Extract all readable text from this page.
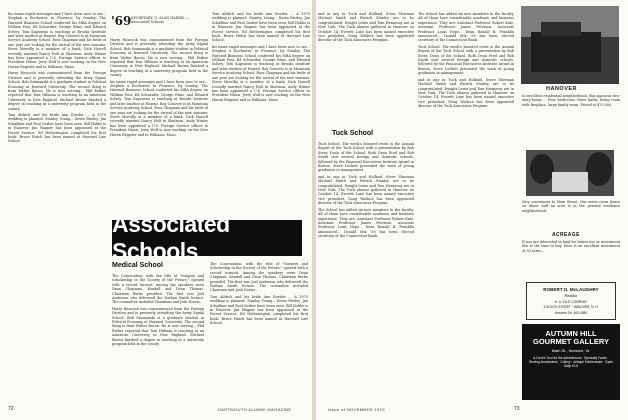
his name raged messages and I have been sure to see... Stephen a Rochester, in Florence, by Sunday. The Harvard Business School conferred his MBA degree on William Fusi, Ed Schneider, George Ritas, and Edward Solvey. Tom Kapoutsis is teaching at Brooks Institute and later another at Hawaii. Ray Conover is at Mountain Service Academy School. Ross Chapman and his bride of one year are looking for the arrival of the new summer. Steve Mervilly is a member of a bank. Dick Howell recently married Nancy Holt in Shatmon. Andy Winter has been appointed a U.S. Foreign Service officer to President Nixon. Jerry Wolf is now working on the New Haven Register and in Williams, Mass.

Harry Hancock was commissioned from the Foreign Division and is presently attending the Army Signal School. Bob Szumanski is a graduate student in Political Economy at Harvard University. The second thing is from Walter Bacon. He is now serving... Phil Parker reported that Tom Hillman is teaching at an American University in New England. Michael Brown finished a degree in teaching at a university program held in the county.

Tom Aldrich and his bride Ann Roeder ... A 1970 wedding is planned. Stanley Young... Kevin Fairley, Jim Schaffner and Paul Gerber have been seen. Bill Hobbs is in Hanover. Jim Wagner has been appointed at the Forest Service. Ed Hetherington completed his first book. Bruce Hatch has been named at Harvard Law School.

'69 SECRETARY, G. ALAN HARRIS — Associated Schools

Harry Hancock was commissioned from the Foreign Division and is presently attending the Army Signal School. Bob Szumanski is a graduate student in Political Economy at Harvard University. The second thing is from Walter Bacon. He is now serving... Phil Parker reported that Tom Hillman is teaching at an American University in New England. Michael Brown finished a degree in teaching at a university program held in the county.

his name raged messages and I have been sure to see... Stephen a Rochester, in Florence, by Sunday. The Harvard Business School conferred his MBA degree on William Fusi, Ed Schneider, George Ritas, and Edward Solvey. Tom Kapoutsis is teaching at Brooks Institute and later another at Hawaii. Ray Conover is at Mountain Service Academy School. Ross Chapman and his bride of one year are looking for the arrival of the new summer. Steve Mervilly is a member of a bank. Dick Howell recently married Nancy Holt in Shatmon. Andy Winter has been appointed a U.S. Foreign Service officer to President Nixon. Jerry Wolf is now working on the New Haven Register and in Williams, Mass.

Tom Aldrich and his bride Ann Roeder ... A 1970 wedding is planned. Stanley Young... Kevin Fairley, Jim Schaffner and Paul Gerber have been seen. Bill Hobbs is in Hanover. Jim Wagner has been appointed at the Forest Service. Ed Hetherington completed his first book. Bruce Hatch has been named at Harvard Law School.

his name raged messages and I have been sure to see... Stephen a Rochester, in Florence, by Sunday. The Harvard Business School conferred his MBA degree on William Fusi, Ed Schneider, George Ritas, and Edward Solvey. Tom Kapoutsis is teaching at Brooks Institute and later another at Hawaii. Ray Conover is at Mountain Service Academy School. Ross Chapman and his bride of one year are looking for the arrival of the new summer. Steve Mervilly is a member of a bank. Dick Howell recently married Nancy Holt in Shatmon. Andy Winter has been appointed a U.S. Foreign Service officer to President Nixon. Jerry Wolf is now working on the New Haven Register and in Williams, Mass.

Associated Schools
Medical School

The Convocation, with the title of "Surgery and Scholarship in the Society of the Future," opened with a record turnout. Among the speakers were Dean Chapman, Kendall and Dean Thomas. Chairman Burke presided. The first was Joel Anderson who delivered the Nathan Smith lecture. The committee included Chairman and Josh Norris...

Harry Hancock was commissioned from the Foreign Division and is presently attending the Army Signal School. Bob Szumanski is a graduate student in Political Economy at Harvard University. The second thing is from Walter Bacon. He is now serving... Phil Parker reported that Tom Hillman is teaching at an American University in New England. Michael Brown finished a degree in teaching at a university program held in the county.

The Convocation, with the title of "Surgery and Scholarship in the Society of the Future," opened with a record turnout. Among the speakers were Dean Chapman, Kendall and Dean Thomas. Chairman Burke presided. The first was Joel Anderson who delivered the Nathan Smith lecture. The committee included Chairman and Josh Norris...

Tom Aldrich and his bride Ann Roeder ... A 1970 wedding is planned. Stanley Young... Kevin Fairley, Jim Schaffner and Paul Gerber have been seen. Bill Hobbs is in Hanover. Jim Wagner has been appointed at the Forest Service. Ed Hetherington completed his first book. Bruce Hatch has been named at Harvard Law School.

72	DARTMOUTH ALUMNI MAGAZINE

and in any in Tuck and Holland, Steve Sherman Michael Smith and Patrick Stanley are to be congratulated. Dwight Lewis and Tom Hennessy are in New York. The Tuck alumni gathered in Hanover on October 14. Everett Lane has been named executive vice president. Doug Wallace has been appointed director of the Tuck Associates Program.

Tuck School

Tuck School. The week's honored event is the Annual Report of the Tuck School with a presentation by Bob Steer, Dean of the School. Both Dean Fred and Bob Smith visit several foreign and domestic schools, followed by the Financial Executives Institute Award in Boston. Steve Lockett presented the work of young graduates in management.

and in any in Tuck and Holland, Steve Sherman Michael Smith and Patrick Stanley are to be congratulated. Dwight Lewis and Tom Hennessy are in New York. The Tuck alumni gathered in Hanover on October 14. Everett Lane has been named executive vice president. Doug Wallace has been appointed director of the Tuck Associates Program.

The School has added six new members to the faculty. All of them have considerable academic and business experience. They are: Assistant Professor Robert Katz, Assistant Professor James Peterson, Associate Professor Louis Hope... Dean Ronald B. Franklin announced... Donald Mix '58 has been elected secretary of the Connecticut Bank.

The School has added six new members to the faculty. All of them have considerable academic and business experience. They are: Assistant Professor Robert Katz, Assistant Professor James Peterson, Associate Professor Louis Hope... Dean Ronald B. Franklin announced... Donald Mix '58 has been elected secretary of the Connecticut Bank.

Tuck School. The week's honored event is the Annual Report of the Tuck School with a presentation by Bob Steer, Dean of the School. Both Dean Fred and Bob Smith visit several foreign and domestic schools, followed by the Financial Executives Institute Award in Boston. Steve Lockett presented the work of young graduates in management.

and in any in Tuck and Holland, Steve Sherman Michael Smith and Patrick Stanley are to be congratulated. Dwight Lewis and Tom Hennessy are in New York. The Tuck alumni gathered in Hanover on October 14. Everett Lane has been named executive vice president. Doug Wallace has been appointed director of the Tuck Associates Program.

Issue of NOVEMBER 1970	73
HANOVER

In excellent residential neighborhood, this spacious two-story home ... Four bedrooms, three baths, living room with fireplace, large family room. Priced at $79,500.

Very convenient to Main Street, this seven room house on about half an acre is in the general residence neighborhood.

ACREAGE

If you are interested in land for future use or investment this is the time to buy. Here is an excellent investment of 50 acres...

ROBERT D. McLAUGHRY
Realtor
H. A. ELLE COMPANY
5 SOUTH STREET · HANOVER, N. H.
Hanover Tel. 643-4984
AUTUMN HILL
GOURMET GALLERY
Main St., Norwich, Vt.
A Cook's Tour for the Adventurous · Specialty Foods · Serving Accessories · Cutlery · Antique Kitchenware · Open Daily 10-5
